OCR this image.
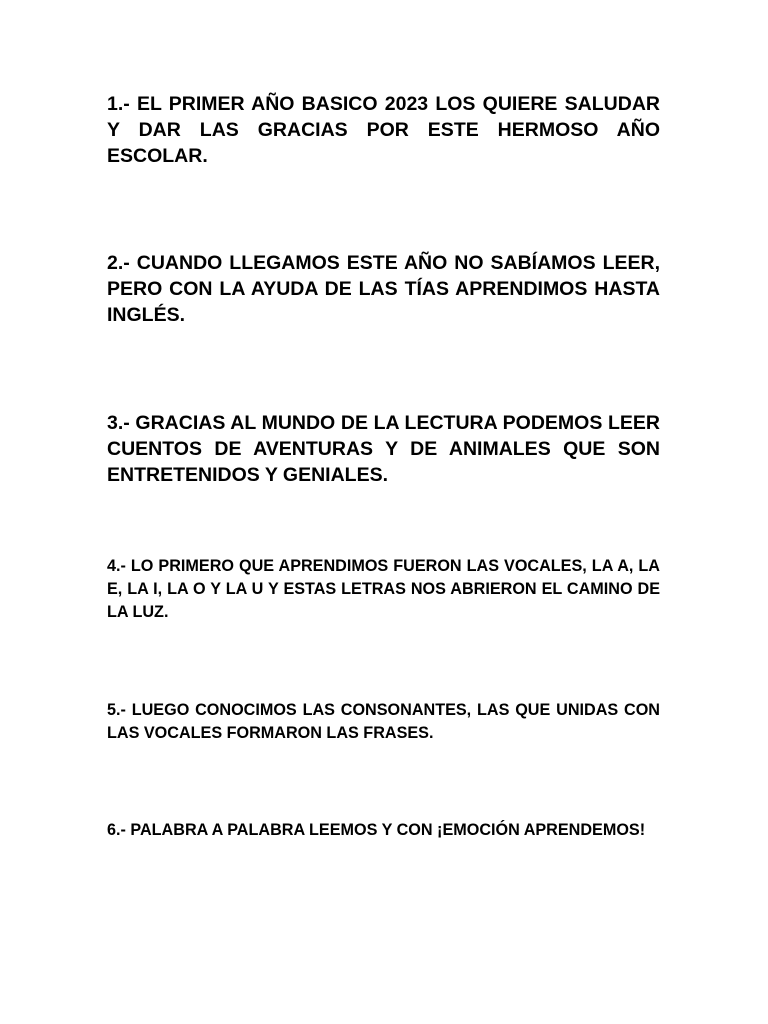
1.- EL PRIMER AÑO BASICO 2023 LOS QUIERE SALUDAR Y DAR LAS GRACIAS POR ESTE HERMOSO AÑO ESCOLAR.

2.- CUANDO LLEGAMOS ESTE AÑO NO SABÍAMOS LEER, PERO CON LA AYUDA DE LAS TÍAS APRENDIMOS HASTA INGLÉS.

3.- GRACIAS AL MUNDO DE LA LECTURA PODEMOS LEER CUENTOS DE AVENTURAS Y DE ANIMALES QUE SON ENTRETENIDOS Y GENIALES.

4.- LO PRIMERO QUE APRENDIMOS FUERON LAS VOCALES, LA A, LA E, LA I, LA O Y LA U Y ESTAS LETRAS NOS ABRIERON EL CAMINO DE LA LUZ.

5.- LUEGO CONOCIMOS LAS CONSONANTES, LAS QUE UNIDAS CON LAS VOCALES FORMARON LAS FRASES.

6.- PALABRA A PALABRA LEEMOS Y CON ¡EMOCIÓN APRENDEMOS!
